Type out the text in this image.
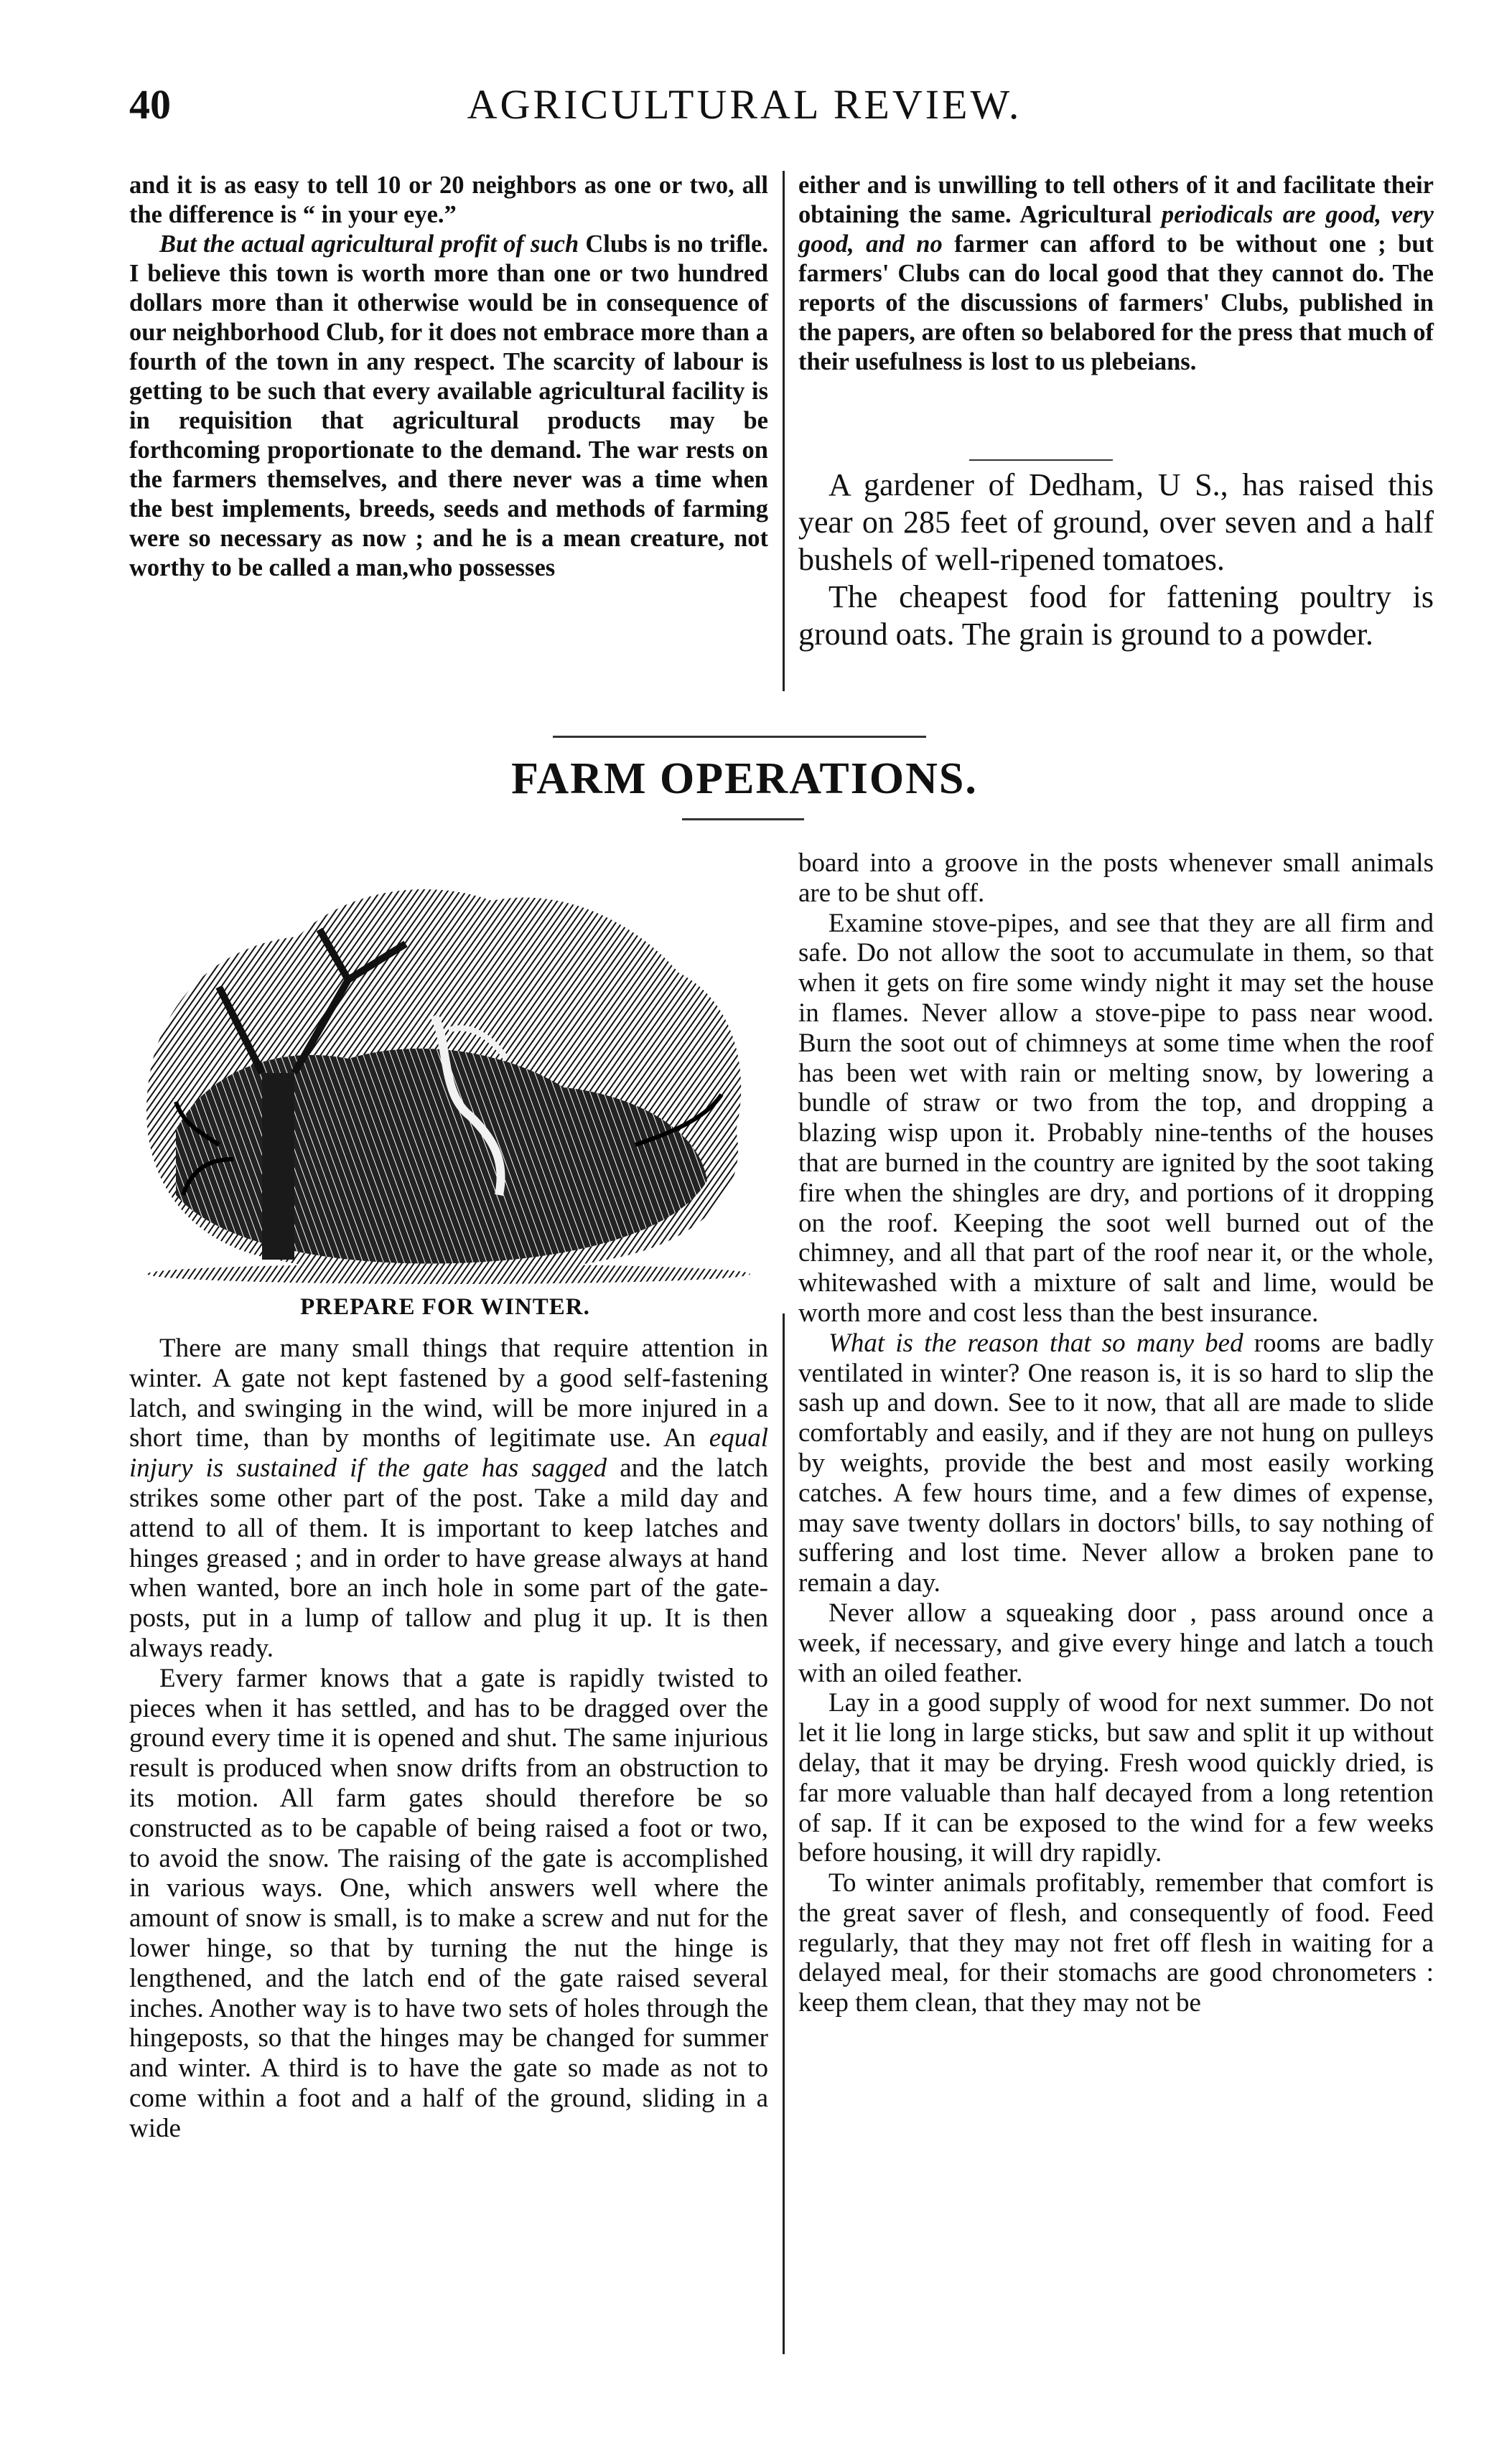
40	AGRICULTURAL REVIEW.

and it is as easy to tell 10 or 20 neighbors as one or two, all the difference is “ in your eye.”

But the actual agricultural profit of such Clubs is no trifle. I believe this town is worth more than one or two hundred dollars more than it otherwise would be in consequence of our neighborhood Club, for it does not embrace more than a fourth of the town in any respect. The scarcity of labour is getting to be such that every available agricultural facility is in requisition that agricultural products may be forthcoming proportionate to the demand. The war rests on the farmers themselves, and there never was a time when the best implements, breeds, seeds and methods of farming were so necessary as now ; and he is a mean creature, not worthy to be called a man,who possesses

either and is unwilling to tell others of it and facilitate their obtaining the same. Agricultural periodicals are good, very good, and no farmer can afford to be without one ; but farmers' Clubs can do local good that they cannot do. The reports of the discussions of farmers' Clubs, published in the papers, are often so belabored for the press that much of their usefulness is lost to us plebeians.

A gardener of Dedham, U S., has raised this year on 285 feet of ground, over seven and a half bushels of well-ripened tomatoes.

The cheapest food for fattening poultry is ground oats. The grain is ground to a powder.

FARM OPERATIONS.
PREPARE FOR WINTER.

There are many small things that require attention in winter. A gate not kept fastened by a good self-fastening latch, and swinging in the wind, will be more injured in a short time, than by months of legitimate use. An equal injury is sustained if the gate has sagged and the latch strikes some other part of the post. Take a mild day and attend to all of them. It is important to keep latches and hinges greased ; and in order to have grease always at hand when wanted, bore an inch hole in some part of the gate-posts, put in a lump of tallow and plug it up. It is then always ready.

Every farmer knows that a gate is rapidly twisted to pieces when it has settled, and has to be dragged over the ground every time it is opened and shut. The same injurious result is produced when snow drifts from an obstruction to its motion. All farm gates should therefore be so constructed as to be capable of being raised a foot or two, to avoid the snow. The raising of the gate is accomplished in various ways. One, which answers well where the amount of snow is small, is to make a screw and nut for the lower hinge, so that by turning the nut the hinge is lengthened, and the latch end of the gate raised several inches. Another way is to have two sets of holes through the hingeposts, so that the hinges may be changed for summer and winter. A third is to have the gate so made as not to come within a foot and a half of the ground, sliding in a wide

board into a groove in the posts whenever small animals are to be shut off.

Examine stove-pipes, and see that they are all firm and safe. Do not allow the soot to accumulate in them, so that when it gets on fire some windy night it may set the house in flames. Never allow a stove-pipe to pass near wood. Burn the soot out of chimneys at some time when the roof has been wet with rain or melting snow, by lowering a bundle of straw or two from the top, and dropping a blazing wisp upon it. Probably nine-tenths of the houses that are burned in the country are ignited by the soot taking fire when the shingles are dry, and portions of it dropping on the roof. Keeping the soot well burned out of the chimney, and all that part of the roof near it, or the whole, whitewashed with a mixture of salt and lime, would be worth more and cost less than the best insurance.

What is the reason that so many bed rooms are badly ventilated in winter? One reason is, it is so hard to slip the sash up and down. See to it now, that all are made to slide comfortably and easily, and if they are not hung on pulleys by weights, provide the best and most easily working catches. A few hours time, and a few dimes of expense, may save twenty dollars in doctors' bills, to say nothing of suffering and lost time. Never allow a broken pane to remain a day.

Never allow a squeaking door , pass around once a week, if necessary, and give every hinge and latch a touch with an oiled feather.

Lay in a good supply of wood for next summer. Do not let it lie long in large sticks, but saw and split it up without delay, that it may be drying. Fresh wood quickly dried, is far more valuable than half decayed from a long retention of sap. If it can be exposed to the wind for a few weeks before housing, it will dry rapidly.

To winter animals profitably, remember that comfort is the great saver of flesh, and consequently of food. Feed regularly, that they may not fret off flesh in waiting for a delayed meal, for their stomachs are good chronometers : keep them clean, that they may not be
